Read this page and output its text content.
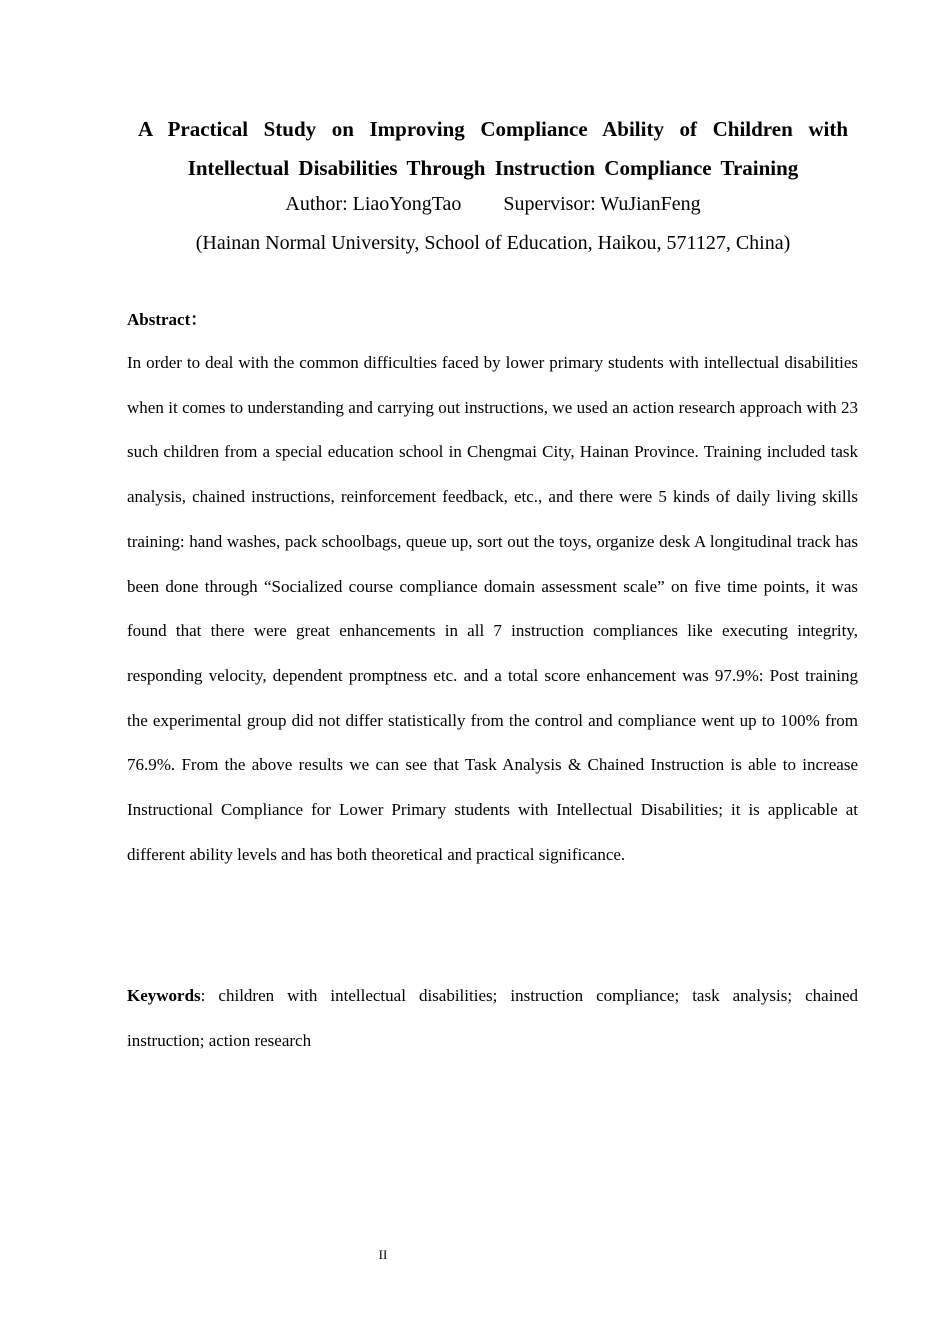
A Practical Study on Improving Compliance Ability of Children with Intellectual Disabilities Through Instruction Compliance Training
Author: LiaoYongTao Supervisor: WuJianFeng
(Hainan Normal University, School of Education, Haikou, 571127, China)
Abstract：

In order to deal with the common difficulties faced by lower primary students with intellectual disabilities when it comes to understanding and carrying out instructions, we used an action research approach with 23 such children from a special education school in Chengmai City, Hainan Province. Training included task analysis, chained instructions, reinforcement feedback, etc., and there were 5 kinds of daily living skills training: hand washes, pack schoolbags, queue up, sort out the toys, organize desk A longitudinal track has been done through “Socialized course compliance domain assessment scale” on five time points, it was found that there were great enhancements in all 7 instruction compliances like executing integrity, responding velocity, dependent promptness etc. and a total score enhancement was 97.9%: Post training the experimental group did not differ statistically from the control and compliance went up to 100% from 76.9%. From the above results we can see that Task Analysis & Chained Instruction is able to increase Instructional Compliance for Lower Primary students with Intellectual Disabilities; it is applicable at different ability levels and has both theoretical and practical significance.

Keywords: children with intellectual disabilities; instruction compliance; task analysis; chained instruction; action research

II
